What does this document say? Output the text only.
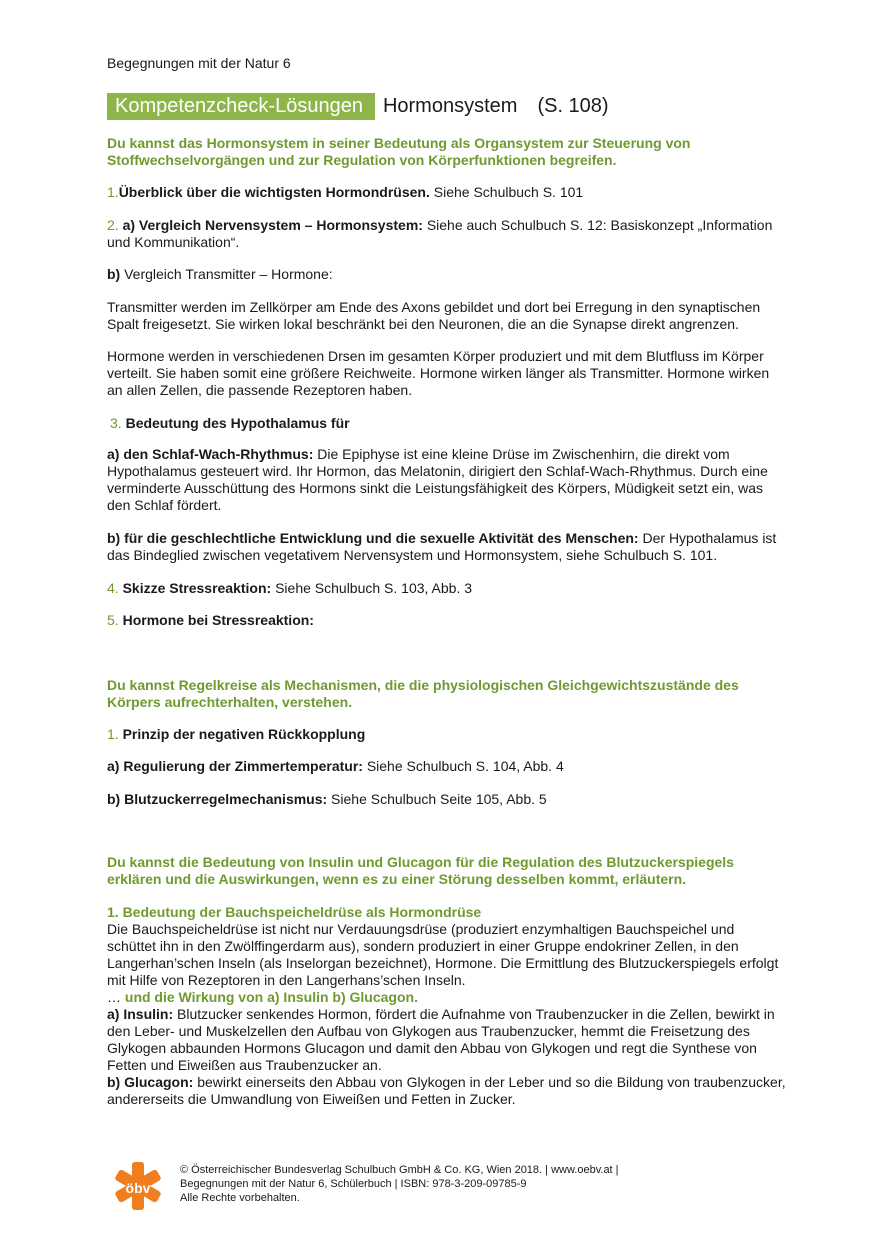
Begegnungen mit der Natur 6
Kompetenzcheck-Lösungen	Hormonsystem (S. 108)

Du kannst das Hormonsystem in seiner Bedeutung als Organsystem zur Steuerung von Stoffwechselvorgängen und zur Regulation von Körperfunktionen begreifen.

1.Überblick über die wichtigsten Hormondrüsen. Siehe Schulbuch S. 101

2. a) Vergleich Nervensystem – Hormonsystem: Siehe auch Schulbuch S. 12: Basiskonzept „Information und Kommunikation“.

b) Vergleich Transmitter – Hormone:

Transmitter werden im Zellkörper am Ende des Axons gebildet und dort bei Erregung in den synaptischen Spalt freigesetzt. Sie wirken lokal beschränkt bei den Neuronen, die an die Synapse direkt angrenzen.

Hormone werden in verschiedenen Drsen im gesamten Körper produziert und mit dem Blutfluss im Körper verteilt. Sie haben somit eine größere Reichweite. Hormone wirken länger als Transmitter. Hormone wirken an allen Zellen, die passende Rezeptoren haben.

3. Bedeutung des Hypothalamus für

a) den Schlaf-Wach-Rhythmus: Die Epiphyse ist eine kleine Drüse im Zwischenhirn, die direkt vom Hypothalamus gesteuert wird. Ihr Hormon, das Melatonin, dirigiert den Schlaf-Wach-Rhythmus. Durch eine verminderte Ausschüttung des Hormons sinkt die Leistungsfähigkeit des Körpers, Müdigkeit setzt ein, was den Schlaf fördert.

b) für die geschlechtliche Entwicklung und die sexuelle Aktivität des Menschen: Der Hypothalamus ist das Bindeglied zwischen vegetativem Nervensystem und Hormonsystem, siehe Schulbuch S. 101.

4. Skizze Stressreaktion: Siehe Schulbuch S. 103, Abb. 3

5. Hormone bei Stressreaktion:

Du kannst Regelkreise als Mechanismen, die die physiologischen Gleichgewichtszustände des Körpers aufrechterhalten, verstehen.

1. Prinzip der negativen Rückkopplung

a) Regulierung der Zimmertemperatur: Siehe Schulbuch S. 104, Abb. 4

b) Blutzuckerregelmechanismus: Siehe Schulbuch Seite 105, Abb. 5

Du kannst die Bedeutung von Insulin und Glucagon für die Regulation des Blutzuckerspiegels erklären und die Auswirkungen, wenn es zu einer Störung desselben kommt, erläutern.

1. Bedeutung der Bauchspeicheldrüse als Hormondrüse
Die Bauchspeicheldrüse ist nicht nur Verdauungsdrüse (produziert enzymhaltigen Bauchspeichel und schüttet ihn in den Zwölffingerdarm aus), sondern produziert in einer Gruppe endokriner Zellen, in den Langerhan’schen Inseln (als Inselorgan bezeichnet), Hormone. Die Ermittlung des Blutzuckerspiegels erfolgt mit Hilfe von Rezeptoren in den Langerhans’schen Inseln.
… und die Wirkung von a) Insulin b) Glucagon.
a) Insulin: Blutzucker senkendes Hormon, fördert die Aufnahme von Traubenzucker in die Zellen, bewirkt in den Leber- und Muskelzellen den Aufbau von Glykogen aus Traubenzucker, hemmt die Freisetzung des Glykogen abbaunden Hormons Glucagon und damit den Abbau von Glykogen und regt die Synthese von Fetten und Eiweißen aus Traubenzucker an.
b) Glucagon: bewirkt einerseits den Abbau von Glykogen in der Leber und so die Bildung von traubenzucker, andererseits die Umwandlung von Eiweißen und Fetten in Zucker.
öbv
© Österreichischer Bundesverlag Schulbuch GmbH & Co. KG, Wien 2018. | www.oebv.at |
Begegnungen mit der Natur 6, Schülerbuch | ISBN: 978-3-209-09785-9
Alle Rechte vorbehalten.
